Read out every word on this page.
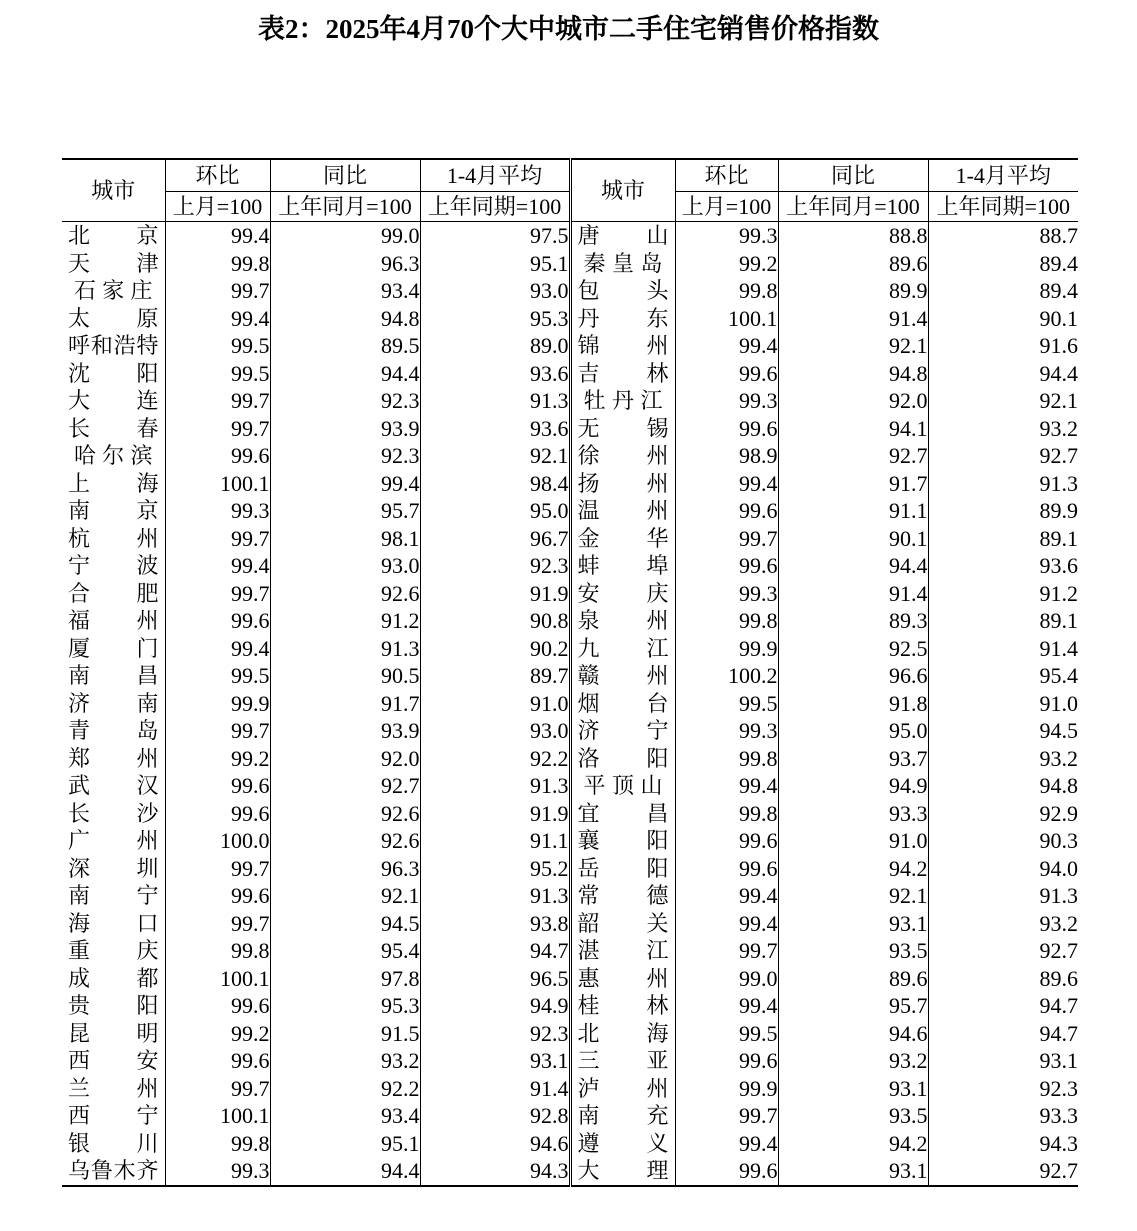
表2：2025年4月70个大中城市二手住宅销售价格指数
城市	环比	同比	1-4月平均	城市	环比	同比	1-4月平均
	上月=100	上年同月=100	上年同期=100		上月=100	上年同月=100	上年同期=100

北 京	99.4	99.0	97.5	唐 山	99.3	88.8	88.7

天 津	99.8	96.3	95.1	秦 皇 岛	99.2	89.6	89.4

石 家 庄	99.7	93.4	93.0	包 头	99.8	89.9	89.4

太 原	99.4	94.8	95.3	丹 东	100.1	91.4	90.1

呼 和 浩 特	99.5	89.5	89.0	锦 州	99.4	92.1	91.6

沈 阳	99.5	94.4	93.6	吉 林	99.6	94.8	94.4

大 连	99.7	92.3	91.3	牡 丹 江	99.3	92.0	92.1

长 春	99.7	93.9	93.6	无 锡	99.6	94.1	93.2

哈 尔 滨	99.6	92.3	92.1	徐 州	98.9	92.7	92.7

上 海	100.1	99.4	98.4	扬 州	99.4	91.7	91.3

南 京	99.3	95.7	95.0	温 州	99.6	91.1	89.9

杭 州	99.7	98.1	96.7	金 华	99.7	90.1	89.1

宁 波	99.4	93.0	92.3	蚌 埠	99.6	94.4	93.6

合 肥	99.7	92.6	91.9	安 庆	99.3	91.4	91.2

福 州	99.6	91.2	90.8	泉 州	99.8	89.3	89.1

厦 门	99.4	91.3	90.2	九 江	99.9	92.5	91.4

南 昌	99.5	90.5	89.7	赣 州	100.2	96.6	95.4

济 南	99.9	91.7	91.0	烟 台	99.5	91.8	91.0

青 岛	99.7	93.9	93.0	济 宁	99.3	95.0	94.5

郑 州	99.2	92.0	92.2	洛 阳	99.8	93.7	93.2

武 汉	99.6	92.7	91.3	平 顶 山	99.4	94.9	94.8

长 沙	99.6	92.6	91.9	宜 昌	99.8	93.3	92.9

广 州	100.0	92.6	91.1	襄 阳	99.6	91.0	90.3

深 圳	99.7	96.3	95.2	岳 阳	99.6	94.2	94.0

南 宁	99.6	92.1	91.3	常 德	99.4	92.1	91.3

海 口	99.7	94.5	93.8	韶 关	99.4	93.1	93.2

重 庆	99.8	95.4	94.7	湛 江	99.7	93.5	92.7

成 都	100.1	97.8	96.5	惠 州	99.0	89.6	89.6

贵 阳	99.6	95.3	94.9	桂 林	99.4	95.7	94.7

昆 明	99.2	91.5	92.3	北 海	99.5	94.6	94.7

西 安	99.6	93.2	93.1	三 亚	99.6	93.2	93.1

兰 州	99.7	92.2	91.4	泸 州	99.9	93.1	92.3

西 宁	100.1	93.4	92.8	南 充	99.7	93.5	93.3

银 川	99.8	95.1	94.6	遵 义	99.4	94.2	94.3

乌 鲁 木 齐	99.3	94.4	94.3	大 理	99.6	93.1	92.7
